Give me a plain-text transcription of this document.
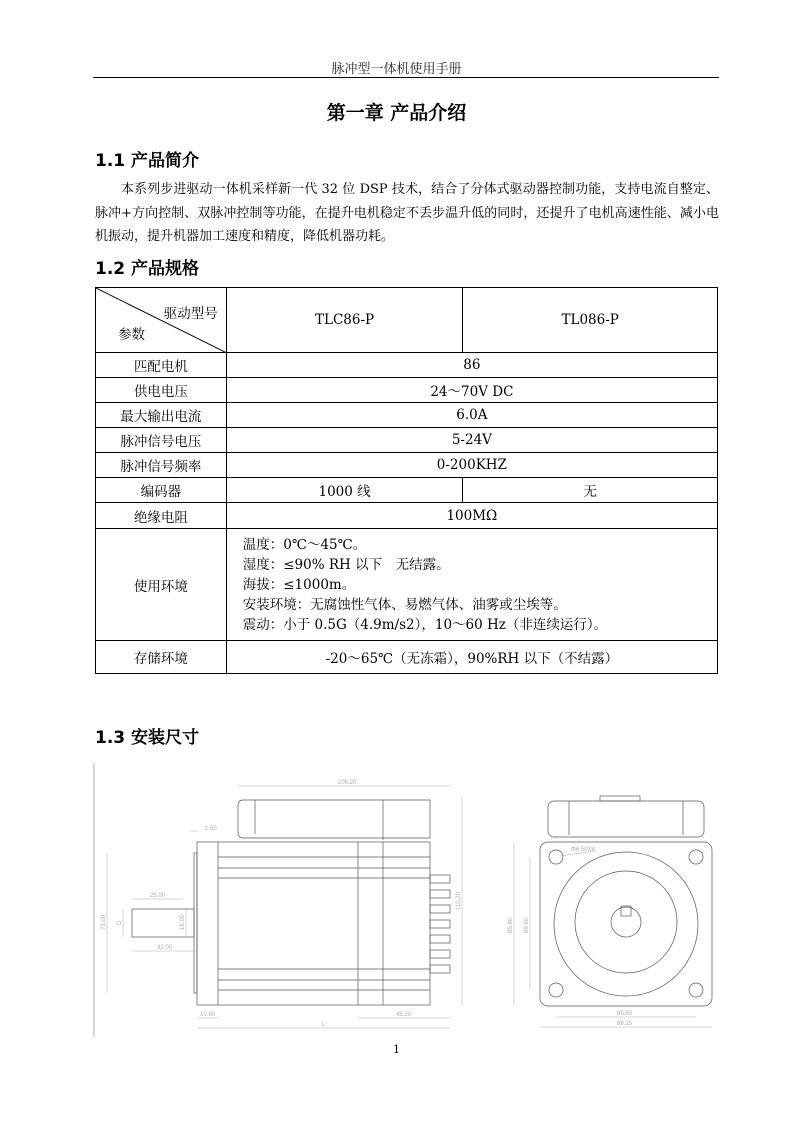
脉冲型一体机使用手册
第一章 产品介绍
1.1 产品简介
本系列步进驱动一体机采样新一代 32 位 DSP 技术，结合了分体式驱动器控制功能，支持电流自整定、脉冲+方向控制、双脉冲控制等功能，在提升电机稳定不丢步温升低的同时，还提升了电机高速性能、减小电机振动，提升机器加工速度和精度，降低机器功耗。
1.2 产品规格
驱动型号
参数	TLC86-P	TL086-P
匹配电机	86	
供电电压	24～70V DC	
最大输出电流	6.0A	
脉冲信号电压	5-24V	
脉冲信号频率	0-200KHZ	
编码器	1000 线	无
绝缘电阻	100MΩ	
使用环境	温度：0℃～45℃。
湿度：≤90% RH 以下　无结露。
海拔：≤1000m。
安装环境：无腐蚀性气体、易燃气体、油雾或尘埃等。
震动：小于 0.5G（4.9m/s2），10～60 Hz（非连续运行）。	

存储环境	-20～65℃（无冻霜），90%RH 以下（不结露）	
1.3 安装尺寸
105.20
1.50
73.00
25.00
32.00
16.00
D
110.20
10.80	45.20
L
Φ6.50X4
85.80 69.60
69.60
86.15
1
